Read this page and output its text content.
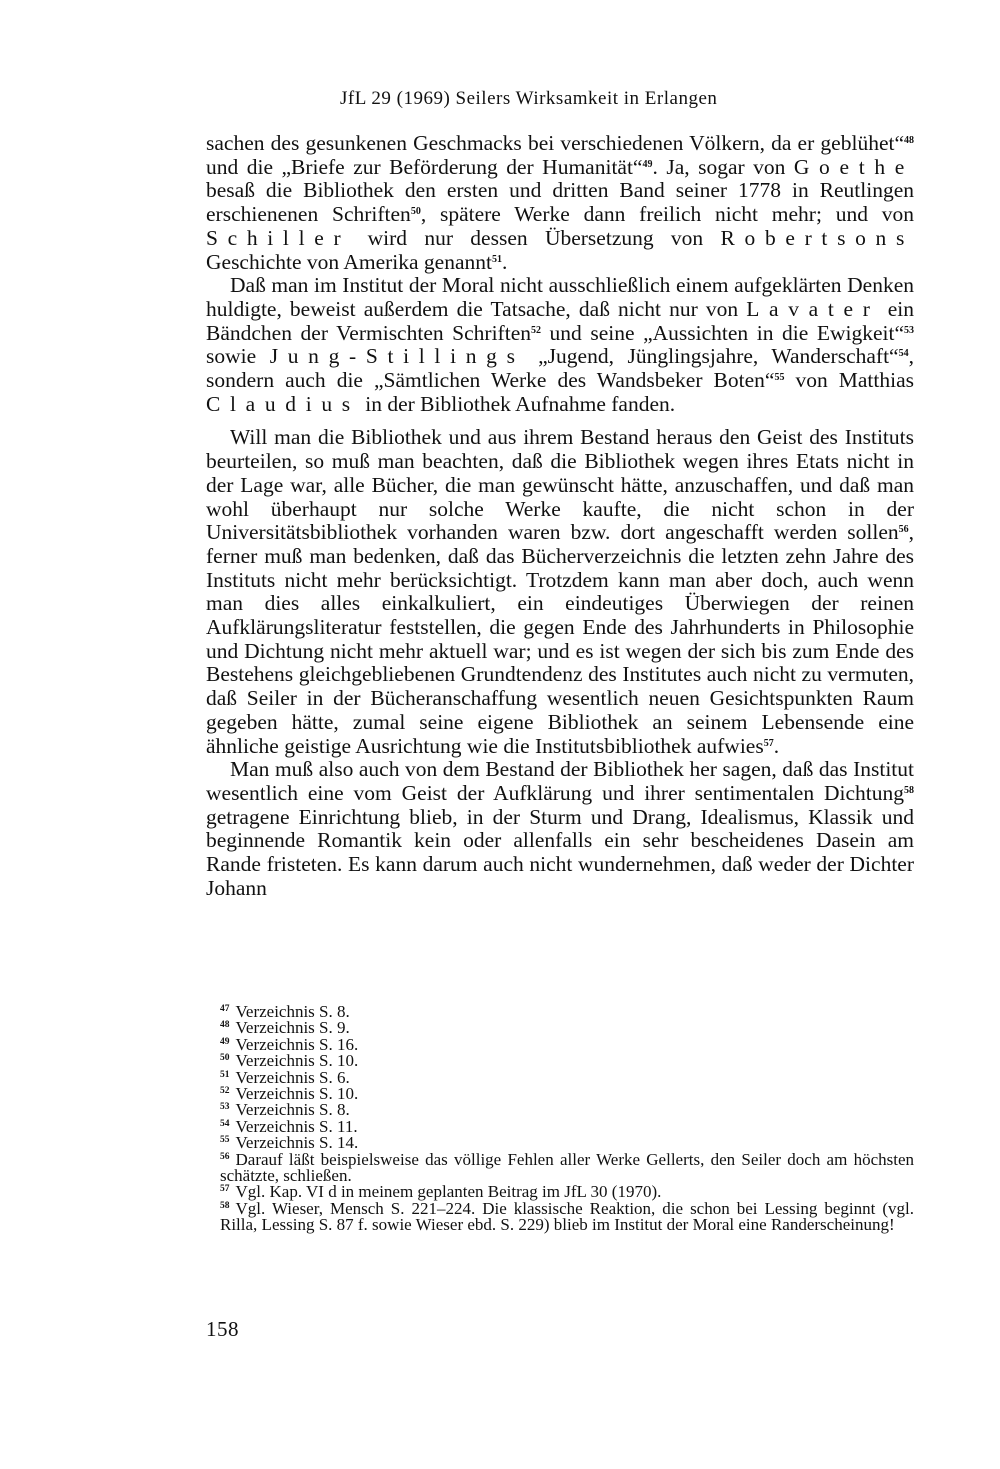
JfL 29 (1969) Seilers Wirksamkeit in Erlangen

sachen des gesunkenen Geschmacks bei verschiedenen Völkern, da er geblühet“$^{48}$ und die „Briefe zur Beförderung der Humanität“$^{49}$. Ja, sogar von Goethe besaß die Bibliothek den ersten und dritten Band seiner 1778 in Reutlingen erschienenen Schriften$^{50}$, spätere Werke dann freilich nicht mehr; und von Schiller wird nur dessen Übersetzung von Robertsons Geschichte von Amerika genannt$^{51}$.

Daß man im Institut der Moral nicht ausschließlich einem aufgeklärten Denken huldigte, beweist außerdem die Tatsache, daß nicht nur von Lavater ein Bändchen der Vermischten Schriften$^{52}$ und seine „Aussichten in die Ewigkeit“$^{53}$ sowie Jung-Stillings „Jugend, Jünglingsjahre, Wanderschaft“$^{54}$, sondern auch die „Sämtlichen Werke des Wandsbeker Boten“$^{55}$ von Matthias Claudius in der Bibliothek Aufnahme fanden.

Will man die Bibliothek und aus ihrem Bestand heraus den Geist des Instituts beurteilen, so muß man beachten, daß die Bibliothek wegen ihres Etats nicht in der Lage war, alle Bücher, die man gewünscht hätte, anzuschaffen, und daß man wohl überhaupt nur solche Werke kaufte, die nicht schon in der Universitätsbibliothek vorhanden waren bzw. dort angeschafft werden sollen$^{56}$, ferner muß man bedenken, daß das Bücherverzeichnis die letzten zehn Jahre des Instituts nicht mehr berücksichtigt. Trotzdem kann man aber doch, auch wenn man dies alles einkalkuliert, ein eindeutiges Überwiegen der reinen Aufklärungsliteratur feststellen, die gegen Ende des Jahrhunderts in Philosophie und Dichtung nicht mehr aktuell war; und es ist wegen der sich bis zum Ende des Bestehens gleichgebliebenen Grundtendenz des Institutes auch nicht zu vermuten, daß Seiler in der Bücheranschaffung wesentlich neuen Gesichtspunkten Raum gegeben hätte, zumal seine eigene Bibliothek an seinem Lebensende eine ähnliche geistige Ausrichtung wie die Institutsbibliothek aufwies$^{57}$.

Man muß also auch von dem Bestand der Bibliothek her sagen, daß das Institut wesentlich eine vom Geist der Aufklärung und ihrer sentimentalen Dichtung$^{58}$ getragene Einrichtung blieb, in der Sturm und Drang, Idealismus, Klassik und beginnende Romantik kein oder allenfalls ein sehr bescheidenes Dasein am Rande fristeten. Es kann darum auch nicht wundernehmen, daß weder der Dichter Johann

$^{47}$ Verzeichnis S. 8.

$^{48}$ Verzeichnis S. 9.

$^{49}$ Verzeichnis S. 16.

$^{50}$ Verzeichnis S. 10.

$^{51}$ Verzeichnis S. 6.

$^{52}$ Verzeichnis S. 10.

$^{53}$ Verzeichnis S. 8.

$^{54}$ Verzeichnis S. 11.

$^{55}$ Verzeichnis S. 14.

$^{56}$ Darauf läßt beispielsweise das völlige Fehlen aller Werke Gellerts, den Seiler doch am höchsten schätzte, schließen.

$^{57}$ Vgl. Kap. VI d in meinem geplanten Beitrag im JfL 30 (1970).

$^{58}$ Vgl. Wieser, Mensch S. 221–224. Die klassische Reaktion, die schon bei Lessing beginnt (vgl. Rilla, Lessing S. 87 f. sowie Wieser ebd. S. 229) blieb im Institut der Moral eine Randerscheinung!

158
